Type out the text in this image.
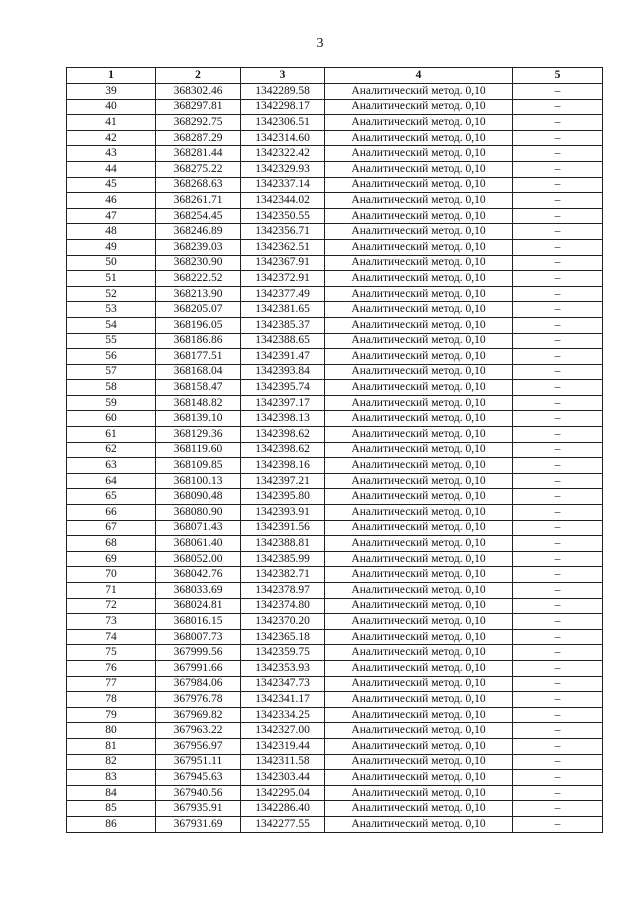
3
1	2	3	4	5
39	368302.46	1342289.58	Аналитический метод. 0,10	–
40	368297.81	1342298.17	Аналитический метод. 0,10	–
41	368292.75	1342306.51	Аналитический метод. 0,10	–
42	368287.29	1342314.60	Аналитический метод. 0,10	–
43	368281.44	1342322.42	Аналитический метод. 0,10	–
44	368275.22	1342329.93	Аналитический метод. 0,10	–
45	368268.63	1342337.14	Аналитический метод. 0,10	–
46	368261.71	1342344.02	Аналитический метод. 0,10	–
47	368254.45	1342350.55	Аналитический метод. 0,10	–
48	368246.89	1342356.71	Аналитический метод. 0,10	–
49	368239.03	1342362.51	Аналитический метод. 0,10	–
50	368230.90	1342367.91	Аналитический метод. 0,10	–
51	368222.52	1342372.91	Аналитический метод. 0,10	–
52	368213.90	1342377.49	Аналитический метод. 0,10	–
53	368205.07	1342381.65	Аналитический метод. 0,10	–
54	368196.05	1342385.37	Аналитический метод. 0,10	–
55	368186.86	1342388.65	Аналитический метод. 0,10	–
56	368177.51	1342391.47	Аналитический метод. 0,10	–
57	368168.04	1342393.84	Аналитический метод. 0,10	–
58	368158.47	1342395.74	Аналитический метод. 0,10	–
59	368148.82	1342397.17	Аналитический метод. 0,10	–
60	368139.10	1342398.13	Аналитический метод. 0,10	–
61	368129.36	1342398.62	Аналитический метод. 0,10	–
62	368119.60	1342398.62	Аналитический метод. 0,10	–
63	368109.85	1342398.16	Аналитический метод. 0,10	–
64	368100.13	1342397.21	Аналитический метод. 0,10	–
65	368090.48	1342395.80	Аналитический метод. 0,10	–
66	368080.90	1342393.91	Аналитический метод. 0,10	–
67	368071.43	1342391.56	Аналитический метод. 0,10	–
68	368061.40	1342388.81	Аналитический метод. 0,10	–
69	368052.00	1342385.99	Аналитический метод. 0,10	–
70	368042.76	1342382.71	Аналитический метод. 0,10	–
71	368033.69	1342378.97	Аналитический метод. 0,10	–
72	368024.81	1342374.80	Аналитический метод. 0,10	–
73	368016.15	1342370.20	Аналитический метод. 0,10	–
74	368007.73	1342365.18	Аналитический метод. 0,10	–
75	367999.56	1342359.75	Аналитический метод. 0,10	–
76	367991.66	1342353.93	Аналитический метод. 0,10	–
77	367984.06	1342347.73	Аналитический метод. 0,10	–
78	367976.78	1342341.17	Аналитический метод. 0,10	–
79	367969.82	1342334.25	Аналитический метод. 0,10	–
80	367963.22	1342327.00	Аналитический метод. 0,10	–
81	367956.97	1342319.44	Аналитический метод. 0,10	–
82	367951.11	1342311.58	Аналитический метод. 0,10	–
83	367945.63	1342303.44	Аналитический метод. 0,10	–
84	367940.56	1342295.04	Аналитический метод. 0,10	–
85	367935.91	1342286.40	Аналитический метод. 0,10	–
86	367931.69	1342277.55	Аналитический метод. 0,10	–
